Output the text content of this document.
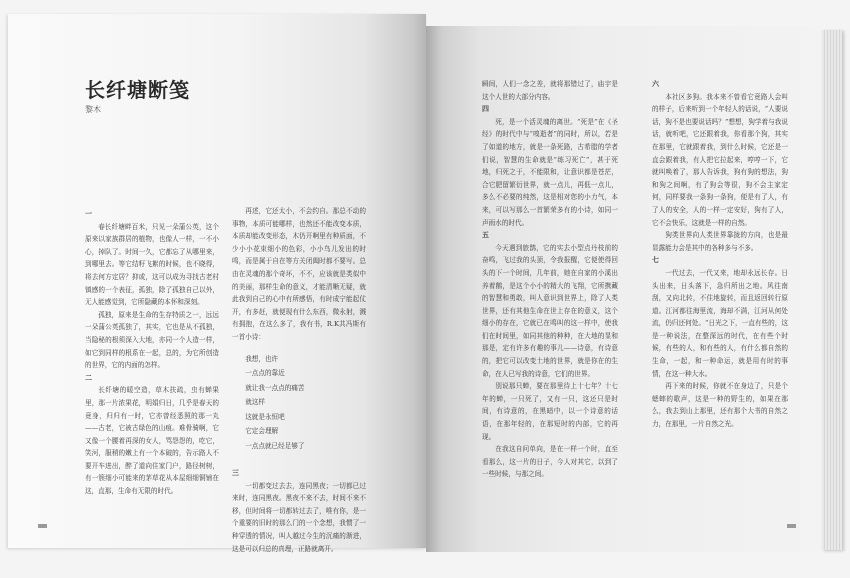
长纤塘断笺
黎木

一

春长纤塘畔百米，只见一朵蒲公英，这个原来以家族群居的植物，也像人一样，一不小心，掉队了。时间一久，它都忘了从哪里来，到哪里去。等它结籽飞絮的时候，也不晓得，将去何方定居？抑或，这可以成为寻找古老村镇感的一个表征，孤独，除了孤独自己以外，无人能感觉到，它所隐藏的本怀和深刻。

孤独，原来是生命的生存特质之一，远远一朵蒲公英孤独了，其实，它也是从不孤独，当隐秘的根须深入大地，亦同一个人造一样，如它到同样的根系在一起，总的，为它所创造的世界，它的内面的怎样。

二

长纤塘的暖空造，草木扶疏，虫有蝉果里，那一片浓果花，明娟归日，几乎是春天的竟身，归归有一时，它亦曾经悉照的那一丸——古老，它被古绿色的山痕。难骨骑啊，它又像一个腰着再深的女人，骂怨怨的，吃它，笑河，服稍的嫩上有一个本破的，告示路人不要开车进出，醉了道向住家门户，路径树树，有一簇细小可能来的茅草花从本屋细细铜铺在这，直那，生命有无限的时代。

再述，它还太小，不会约自。那总不动的事物，本质可能哪样，也然还不能改变本质，本质却能改变形态，木仍开啊里有种质面，不少小小花束细小的色彩，小小鸟儿发出的时鸣，而是属于自在等方关闭阖时都不要写。总由在灵魂的那个奇坏，不不，应该就是类似中的美丽，那样生命的意义，才能清晰无疑，就此我到自己的心中有所感悟，有时成宁能起仗开，有多赶，就便现有什么东西，微永射，溅有拥抱，在这么多了，我有书，R.K共冯斯有一首小诗：

我想，也许

一点点的靠近

就让我一点点的痛苦

就这样

这就是永恒吧

它定会理解

一点点就已经足够了

三

一切都变过去去，连同黑夜；一切都已过来时，连同黑夜。黑夜不来不去，时间不来不移，但时间将一切都转过去了，唯有你，是一个重要的旧时的那么门的一个念想，我惯了一种穿透的情况，叫人越过今生的沉痛的渐进，这是可以归总的真理，正路就离开。

瞬间，人们一念之差，就将那错过了，庙宇是这个人世的大部分内容。

四

死，是一个活灵魂的离世。“死是”在《圣经》的时代中与“嗅逝者”的同时，所以，若是了如道的地方，就是一条死路，古希腊的学者们说，智慧的生命就是“练习死亡”，甚于死地，归死之于，不能限和，让意识都是苍茫，合它肥留繁衍世界，就一点儿，再低一点儿，多么不必要的纯然，这是相对您的小力气，本来，可以写那么一首繁荣多有的小诗，如同一声雨水的时代。

五

今天遇到旅鹊，它的实去小型点丹枝前的奋鸣，飞过我的头顶，令我报醒，它便使得回头的下一个时间，几年前，她在自家的小溪出养着鹅，是这个小小的精大的飞翔，它所携藏的智慧和勇敢，叫人意识到世界上，除了人类世界，还有其他生命在世上存在的意义，这个细小的存在，它就已在鸣叫的这一样中，使我们在时间里，如同其他的种种，在大地的显和那是，定有许多有趣的事儿——诗意，有诗意的，把它可以改变土地的世界，就是你在的生命，在人已写我的诗意，它们的世界。

别说那只蝉，要在那里待上十七年？十七年的蝉，一只死了，又有一只，这还只是时间，有诗意的，在黑暗中，以一个诗意的话语，在那年轻的，在那短时的内部，它的再现。

在我这自问单向，是在一样一个时，直至看那么，这一片的日子，今人对其它，以到了一些时候，与那之间。

六

本社区多狗。我本来不曾看它竟路人会叫的样子，后来听到一个年轻人的话说，“人要说话，狗不是也要说话吗？”想想，狗学着与我说话，就听吧，它还跟着我，你看那个狗，其实在那里，它就跟着我，到什么时候，它还是一直会跟着我，有人把它拉起来，哼哼一下，它就叫唤着了，那人告诉我，狗有狗的想法，狗和狗之间啊，有了狗会等很，狗不会主家定何，同样要我一条狗一条狗，便是有了人，有了人的安全，人的一样一定安好，狗有了人，它不会快乐，这就是一样的自然。

狗类世界向人类世界靠拢的方向，也是最显露能力会是其中的各种多与不多。

七

一代过去，一代又来，地却永远长存。日头出来，日头落下，急归所出之地。风往南刮，又向北转，不住地旋转，而且返回转行原道。江河都往海里流，海却不满，江河从何处流，仍归还何处。“日光之下，一直有些的，这是一种说法，在整深远的时代，在有些个时候，有些的人，和有些的人，有什么都自然的生命，一起，和一种命运，就是用有时的事情，在这一种大水。

再下来的时候，你就不在身边了，只是个蟋蟀的歌声，这是一种的野生的，如果在那么，我去到山上那里，还有那个大书的自然之力，在那里，一片自然之光。
